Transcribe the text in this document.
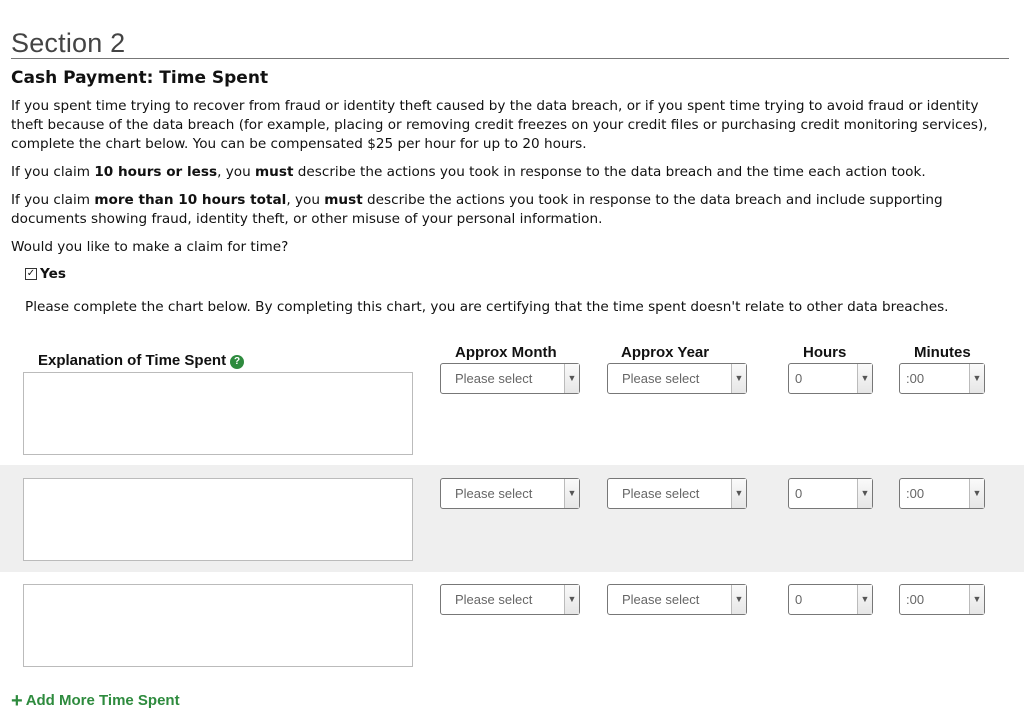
Section 2
Cash Payment: Time Spent
If you spent time trying to recover from fraud or identity theft caused by the data breach, or if you spent time trying to avoid fraud or identity theft because of the data breach (for example, placing or removing credit freezes on your credit files or purchasing credit monitoring services), complete the chart below. You can be compensated $25 per hour for up to 20 hours.
If you claim 10 hours or less, you must describe the actions you took in response to the data breach and the time each action took.
If you claim more than 10 hours total, you must describe the actions you took in response to the data breach and include supporting documents showing fraud, identity theft, or other misuse of your personal information.
Would you like to make a claim for time?
✓ Yes
Please complete the chart below. By completing this chart, you are certifying that the time spent doesn't relate to other data breaches.
Explanation of Time Spent ?
Approx Month	Approx Year	Hours	Minutes
Please select	▼	Please select	▼	0	▼	:00	▼
Please select	▼	Please select	▼	0	▼	:00	▼
Please select	▼	Please select	▼	0	▼	:00	▼
+ Add More Time Spent
